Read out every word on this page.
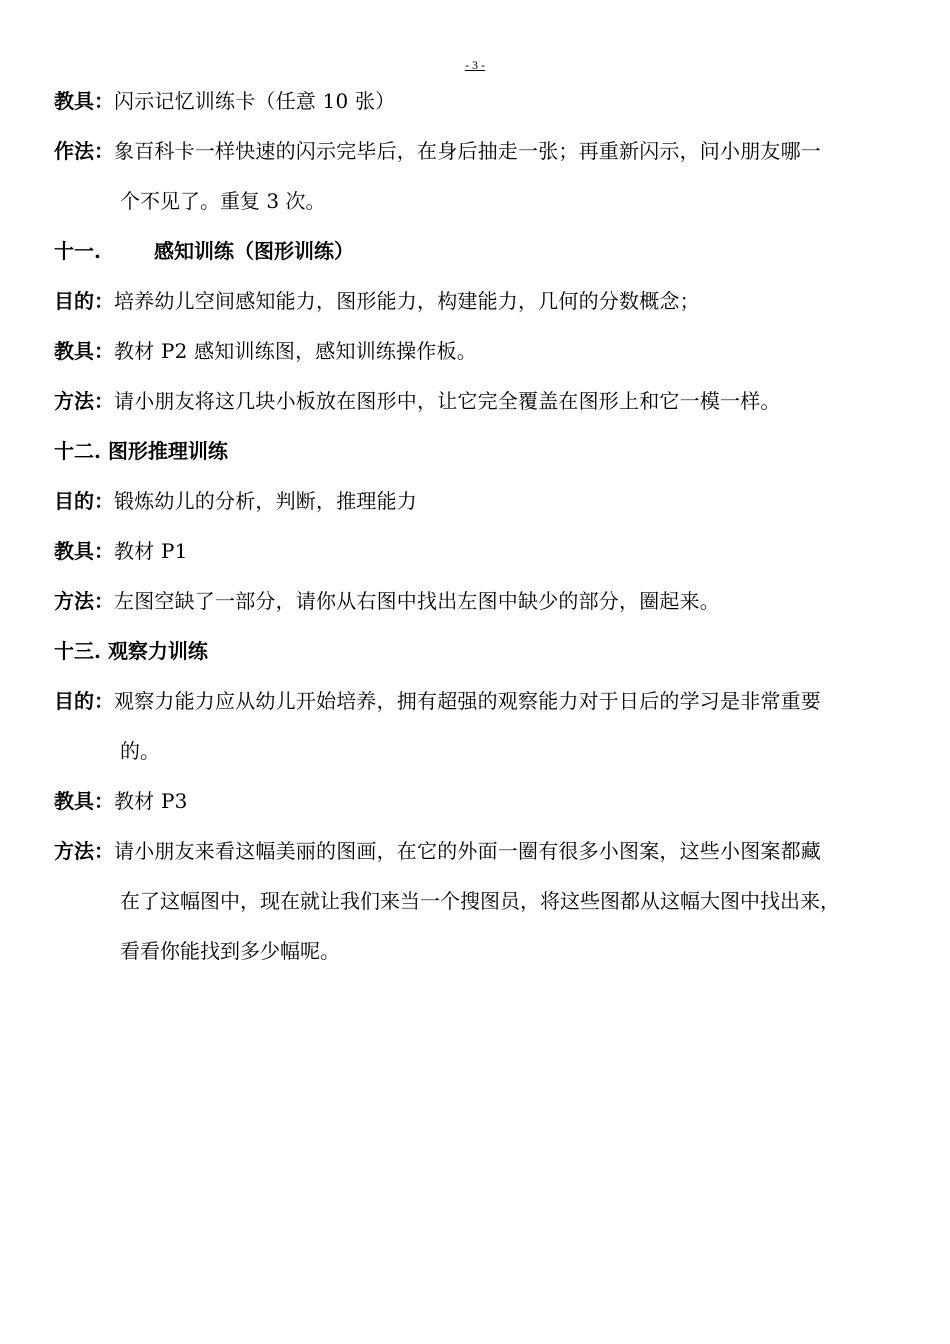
- 3 -
教具： 闪示记忆训练卡（任意 10 张）
作法： 象百科卡一样快速的闪示完毕后，在身后抽走一张；再重新闪示，问小朋友哪一
个不见了。重复 3 次。
十一.	感知训练（图形训练）
目的： 培养幼儿空间感知能力，图形能力，构建能力，几何的分数概念；
教具： 教材 P2 感知训练图，感知训练操作板。
方法： 请小朋友将这几块小板放在图形中，让它完全覆盖在图形上和它一模一样。
十二. 图形推理训练
目的： 锻炼幼儿的分析，判断，推理能力
教具： 教材 P1
方法： 左图空缺了一部分，请你从右图中找出左图中缺少的部分，圈起来。
十三. 观察力训练
目的： 观察力能力应从幼儿开始培养，拥有超强的观察能力对于日后的学习是非常重要
的。
教具： 教材 P3
方法： 请小朋友来看这幅美丽的图画，在它的外面一圈有很多小图案，这些小图案都藏
在了这幅图中，现在就让我们来当一个搜图员，将这些图都从这幅大图中找出来，
看看你能找到多少幅呢。
